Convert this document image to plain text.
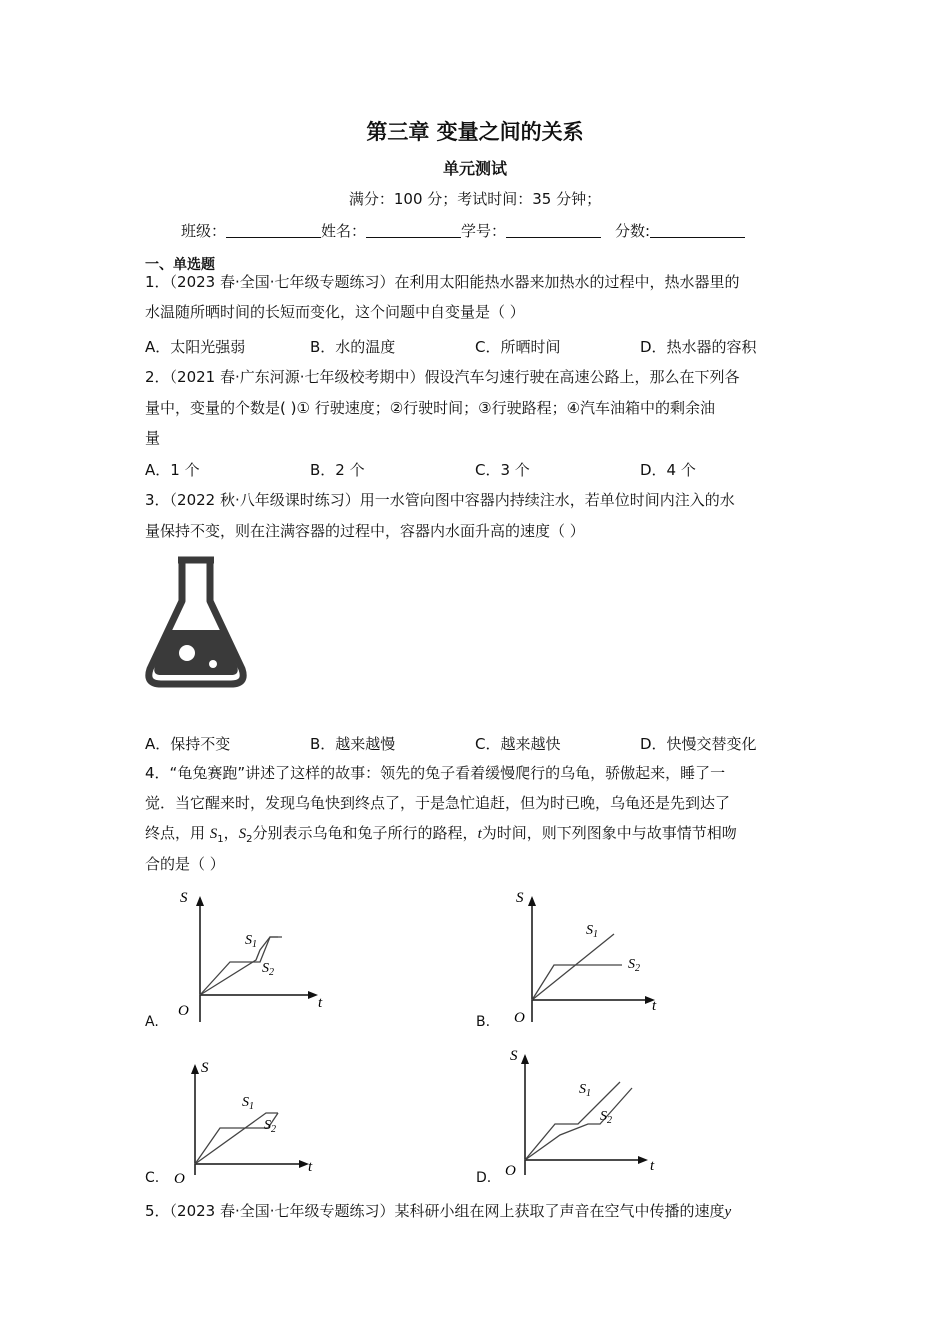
第三章 变量之间的关系
单元测试
满分：100 分；考试时间：35 分钟；
班级：	姓名：	学号：	分数:
一、单选题
1．（2023 春·全国·七年级专题练习）在利用太阳能热水器来加热水的过程中，热水器里的
水温随所晒时间的长短而变化，这个问题中自变量是（ ）
A．太阳光强弱	B．水的温度	C．所晒时间	D．热水器的容积
2．（2021 春·广东河源·七年级校考期中）假设汽车匀速行驶在高速公路上，那么在下列各
量中，变量的个数是( )① 行驶速度；②行驶时间；③行驶路程；④汽车油箱中的剩余油
量
A．1 个	B．2 个	C．3 个	D．4 个
3．（2022 秋·八年级课时练习）用一水管向图中容器内持续注水，若单位时间内注入的水
量保持不变，则在注满容器的过程中，容器内水面升高的速度（ ）
A．保持不变	B．越来越慢	C．越来越快	D．快慢交替变化
4．“龟兔赛跑”讲述了这样的故事：领先的兔子看着缓慢爬行的乌龟，骄傲起来，睡了一
觉．当它醒来时，发现乌龟快到终点了，于是急忙追赶，但为时已晚，乌龟还是先到达了
终点，用 $S_1$，$S_2$分别表示乌龟和兔子所行的路程，t为时间，则下列图象中与故事情节相吻
合的是（ ）
A.
S
t
O
$S_1$
$S_2$
B.
S
t
O
$S_1$
$S_2$
C.
S
t
O
$S_1$
$S_2$
D.
S
t
O
$S_1$
$S_2$
5．（2023 春·全国·七年级专题练习）某科研小组在网上获取了声音在空气中传播的速度y
